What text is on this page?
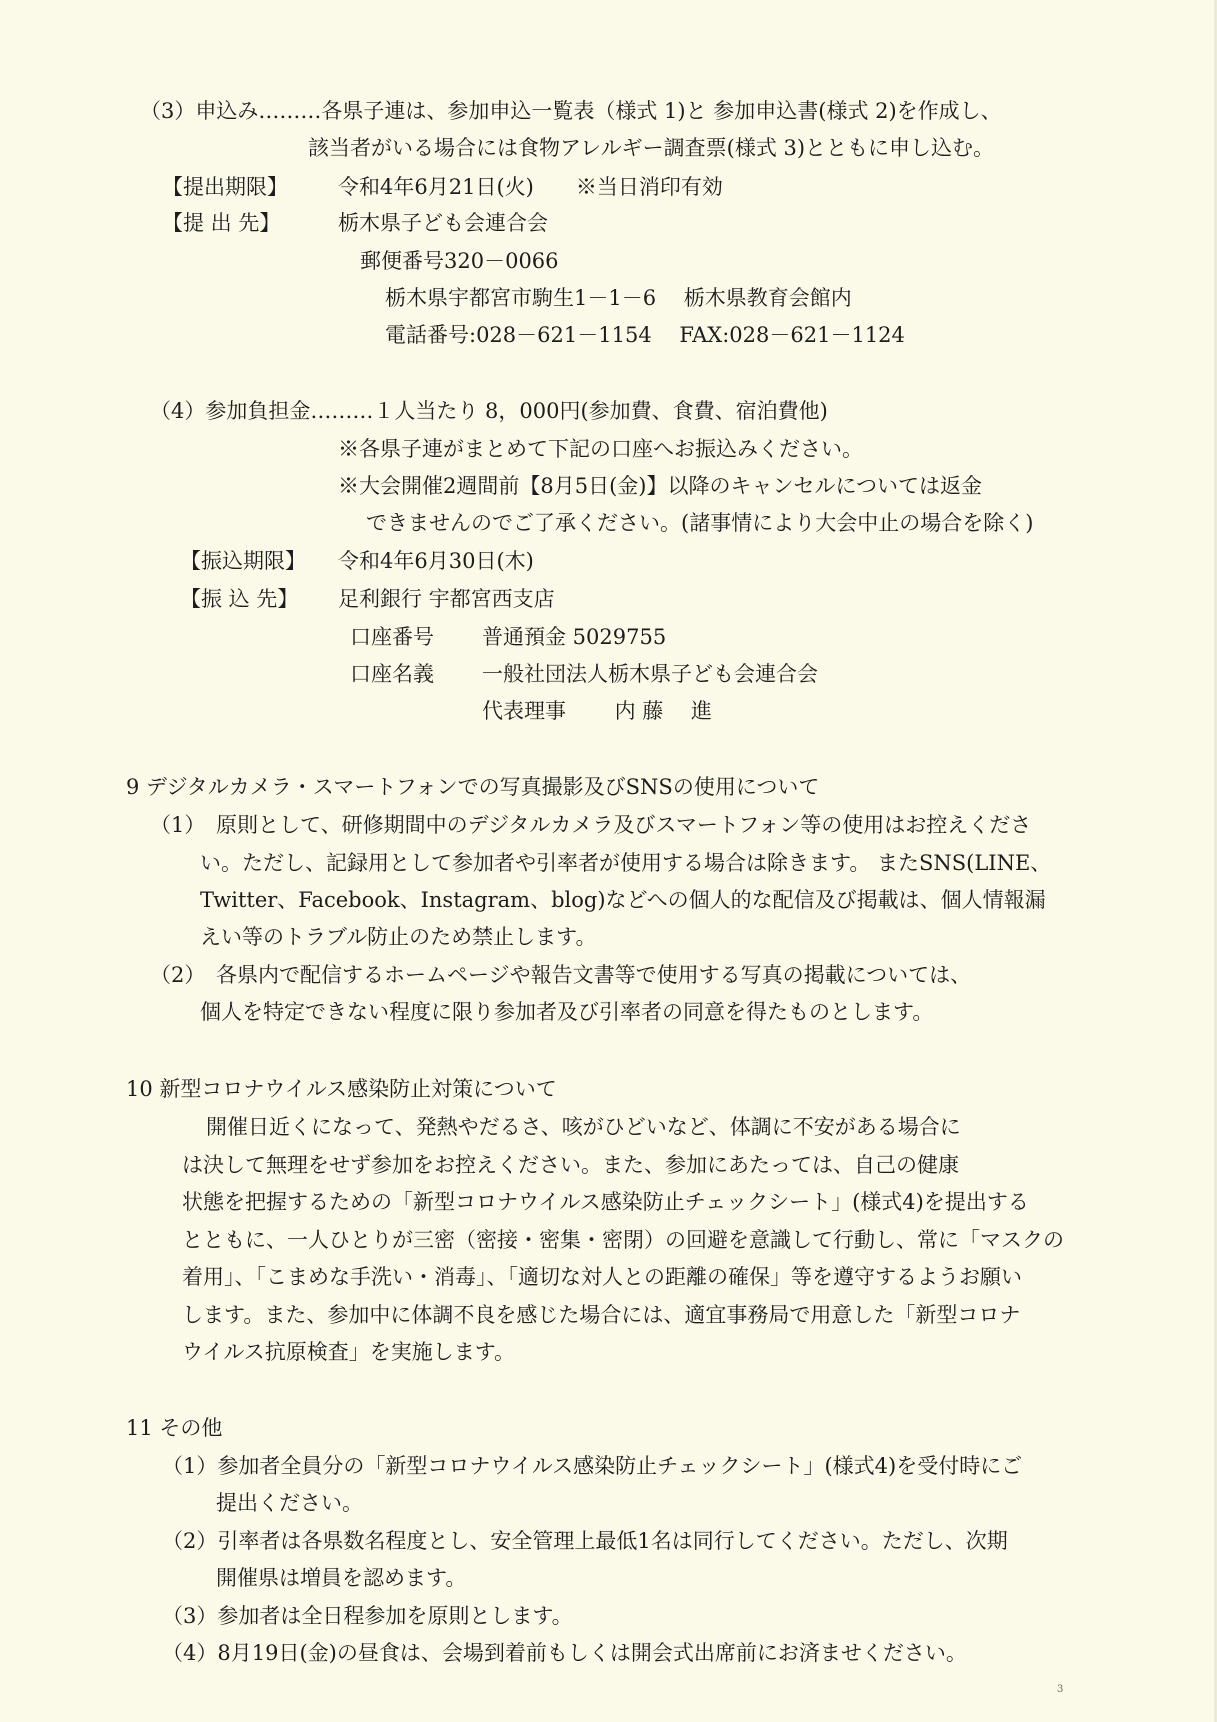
（3）申込み………各県子連は、参加申込一覧表（様式 1)と 参加申込書(様式 2)を作成し、
該当者がいる場合には食物アレルギー調査票(様式 3)とともに申し込む。
【提出期限】 令和4年6月21日(火)　　※当日消印有効
【提 出 先】	栃木県子ども会連合会
郵便番号320－0066
栃木県宇都宮市駒生1－1－6　 栃木県教育会館内
電話番号:028－621－1154　 FAX:028－621－1124
（4）参加負担金………１人当たり 8，000円(参加費、食費、宿泊費他)
※各県子連がまとめて下記の口座へお振込みください。
※大会開催2週間前【8月5日(金)】以降のキャンセルについては返金
できませんのでご了承ください。(諸事情により大会中止の場合を除く)
【振込期限】 令和4年6月30日(木)
【振 込 先】 足利銀行 宇都宮西支店
口座番号 普通預金 5029755
口座名義 一般社団法人栃木県子ども会連合会
代表理事　　 内 藤　 進
9 デジタルカメラ・スマートフォンでの写真撮影及びSNSの使用について
（1） 原則として、研修期間中のデジタルカメラ及びスマートフォン等の使用はお控えくださ
い。ただし、記録用として参加者や引率者が使用する場合は除きます。 またSNS(LINE、
Twitter、Facebook、Instagram、blog)などへの個人的な配信及び掲載は、個人情報漏
えい等のトラブル防止のため禁止します。
（2） 各県内で配信するホームページや報告文書等で使用する写真の掲載については、
個人を特定できない程度に限り参加者及び引率者の同意を得たものとします。
10 新型コロナウイルス感染防止対策について
開催日近くになって、発熱やだるさ、咳がひどいなど、体調に不安がある場合に
は決して無理をせず参加をお控えください。また、参加にあたっては、自己の健康
状態を把握するための「新型コロナウイルス感染防止チェックシート」(様式4)を提出する
とともに、一人ひとりが三密（密接・密集・密閉）の回避を意識して行動し、常に「マスクの
着用」、「こまめな手洗い・消毒」、「適切な対人との距離の確保」等を遵守するようお願い
します。また、参加中に体調不良を感じた場合には、適宜事務局で用意した「新型コロナ
ウイルス抗原検査」を実施します。
11 その他
（1）参加者全員分の「新型コロナウイルス感染防止チェックシート」(様式4)を受付時にご
提出ください。
（2）引率者は各県数名程度とし、安全管理上最低1名は同行してください。ただし、次期
開催県は増員を認めます。
（3）参加者は全日程参加を原則とします。
（4）8月19日(金)の昼食は、会場到着前もしくは開会式出席前にお済ませください。
3
